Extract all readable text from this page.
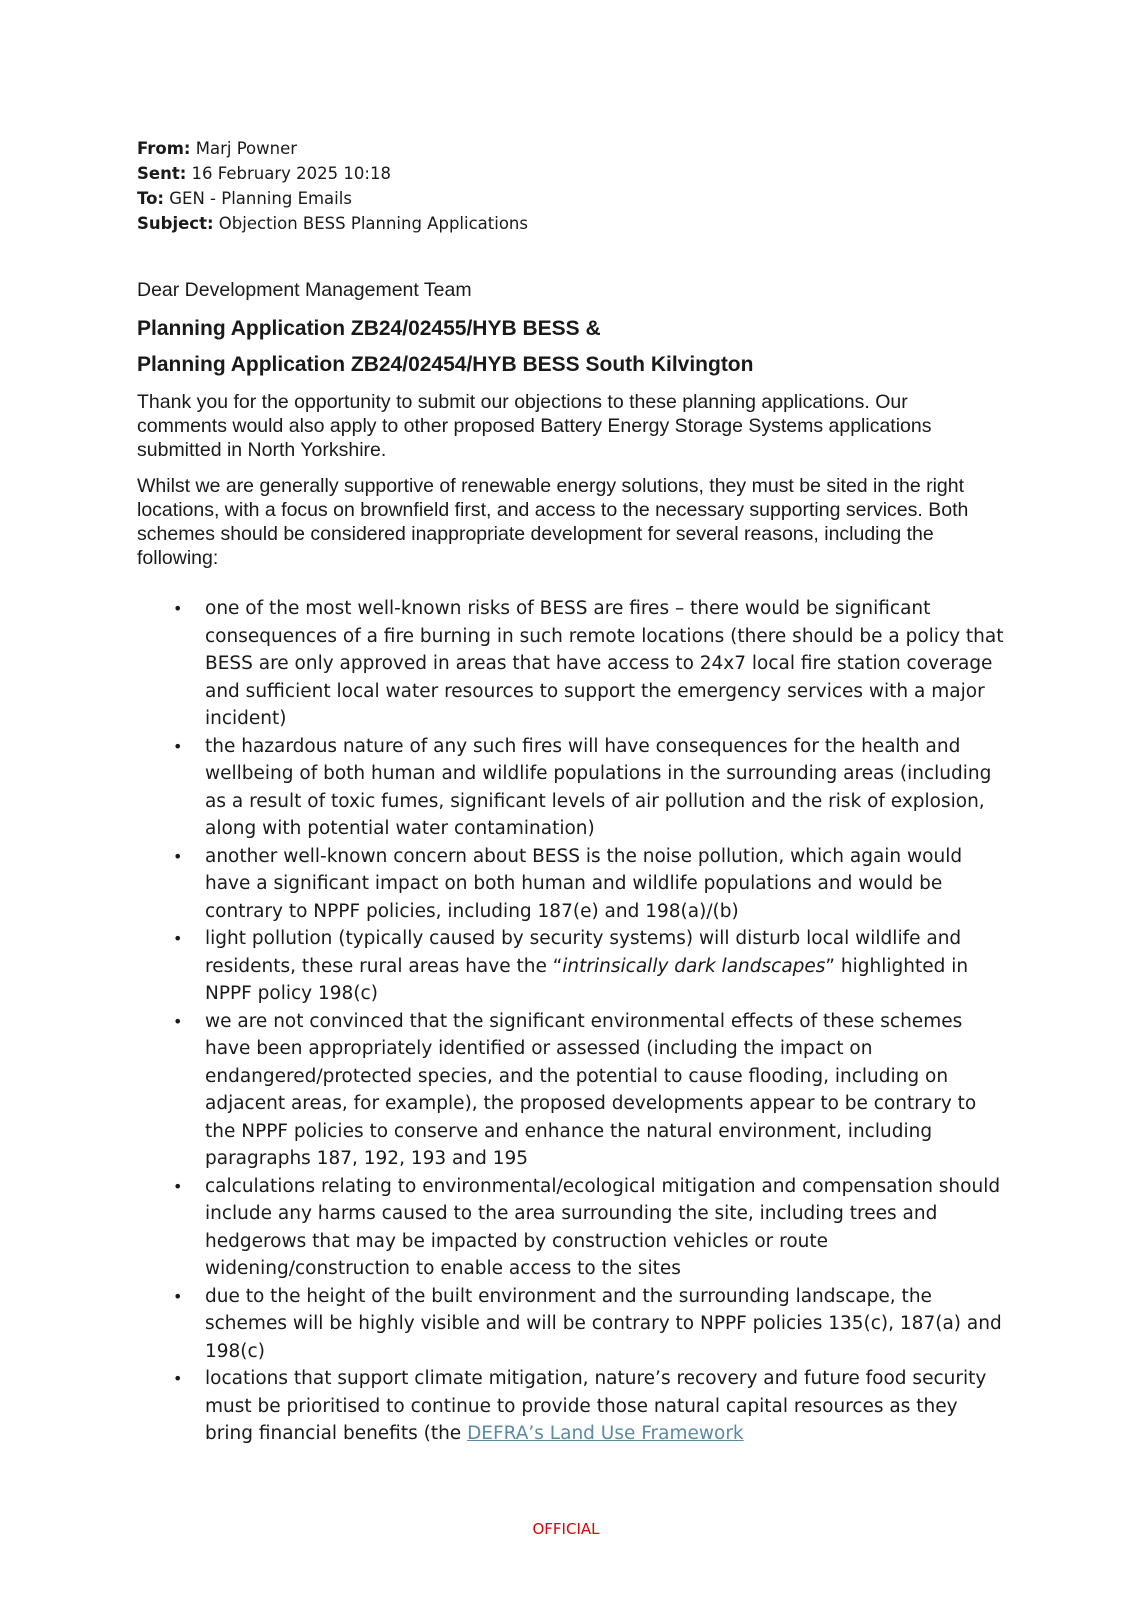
From: Marj Powner
Sent: 16 February 2025 10:18
To: GEN - Planning Emails
Subject: Objection BESS Planning Applications
Dear Development Management Team
Planning Application ZB24/02455/HYB BESS &
Planning Application ZB24/02454/HYB BESS South Kilvington
Thank you for the opportunity to submit our objections to these planning applications. Our comments would also apply to other proposed Battery Energy Storage Systems applications submitted in North Yorkshire.
Whilst we are generally supportive of renewable energy solutions, they must be sited in the right locations, with a focus on brownfield first, and access to the necessary supporting services. Both schemes should be considered inappropriate development for several reasons, including the following:
• one of the most well-known risks of BESS are fires – there would be significant consequences of a fire burning in such remote locations (there should be a policy that BESS are only approved in areas that have access to 24x7 local fire station coverage and sufficient local water resources to support the emergency services with a major incident)
• the hazardous nature of any such fires will have consequences for the health and wellbeing of both human and wildlife populations in the surrounding areas (including as a result of toxic fumes, significant levels of air pollution and the risk of explosion, along with potential water contamination)
• another well-known concern about BESS is the noise pollution, which again would have a significant impact on both human and wildlife populations and would be contrary to NPPF policies, including 187(e) and 198(a)/(b)
• light pollution (typically caused by security systems) will disturb local wildlife and residents, these rural areas have the “intrinsically dark landscapes” highlighted in NPPF policy 198(c)
• we are not convinced that the significant environmental effects of these schemes have been appropriately identified or assessed (including the impact on endangered/protected species, and the potential to cause flooding, including on adjacent areas, for example), the proposed developments appear to be contrary to the NPPF policies to conserve and enhance the natural environment, including paragraphs 187, 192, 193 and 195
• calculations relating to environmental/ecological mitigation and compensation should include any harms caused to the area surrounding the site, including trees and hedgerows that may be impacted by construction vehicles or route widening/construction to enable access to the sites
• due to the height of the built environment and the surrounding landscape, the schemes will be highly visible and will be contrary to NPPF policies 135(c), 187(a) and 198(c)
• locations that support climate mitigation, nature’s recovery and future food security must be prioritised to continue to provide those natural capital resources as they bring financial benefits (the DEFRA’s Land Use Framework
OFFICIAL
